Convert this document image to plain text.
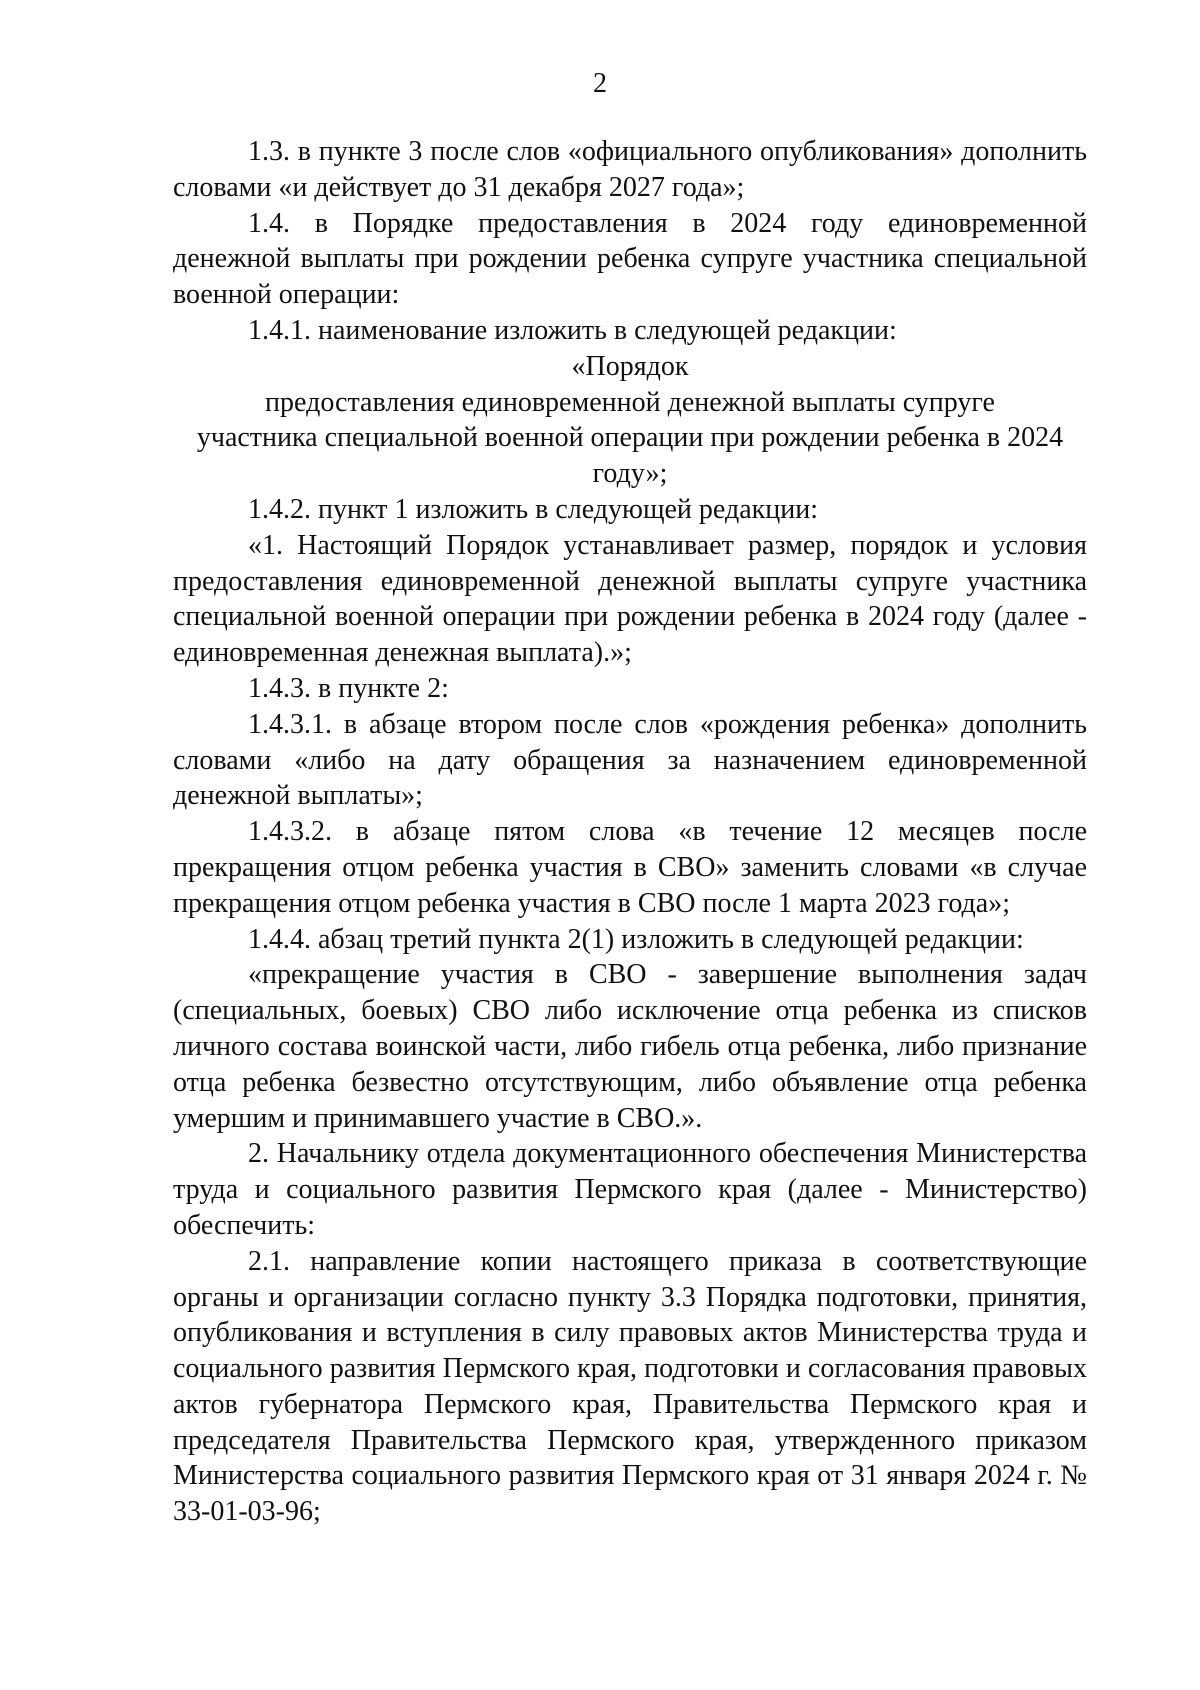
2

1.3. в пункте 3 после слов «официального опубликования» дополнить словами «и действует до 31 декабря 2027 года»;

1.4. в Порядке предоставления в 2024 году единовременной денежной выплаты при рождении ребенка супруге участника специальной военной операции:

1.4.1. наименование изложить в следующей редакции:

«Порядок

предоставления единовременной денежной выплаты супруге

участника специальной военной операции при рождении ребенка в 2024

году»;

1.4.2. пункт 1 изложить в следующей редакции:

«1. Настоящий Порядок устанавливает размер, порядок и условия предоставления единовременной денежной выплаты супруге участника специальной военной операции при рождении ребенка в 2024 году (далее - единовременная денежная выплата).»;

1.4.3. в пункте 2:

1.4.3.1. в абзаце втором после слов «рождения ребенка» дополнить словами «либо на дату обращения за назначением единовременной денежной выплаты»;

1.4.3.2. в абзаце пятом слова «в течение 12 месяцев после прекращения отцом ребенка участия в СВО» заменить словами «в случае прекращения отцом ребенка участия в СВО после 1 марта 2023 года»;

1.4.4. абзац третий пункта 2(1) изложить в следующей редакции:

«прекращение участия в СВО - завершение выполнения задач (специальных, боевых) СВО либо исключение отца ребенка из списков личного состава воинской части, либо гибель отца ребенка, либо признание отца ребенка безвестно отсутствующим, либо объявление отца ребенка умершим и принимавшего участие в СВО.».

2. Начальнику отдела документационного обеспечения Министерства труда и социального развития Пермского края (далее - Министерство) обеспечить:

2.1. направление копии настоящего приказа в соответствующие органы и организации согласно пункту 3.3 Порядка подготовки, принятия, опубликования и вступления в силу правовых актов Министерства труда и социального развития Пермского края, подготовки и согласования правовых актов губернатора Пермского края, Правительства Пермского края и председателя Правительства Пермского края, утвержденного приказом Министерства социального развития Пермского края от 31 января 2024 г. № 33-01-03-96;
